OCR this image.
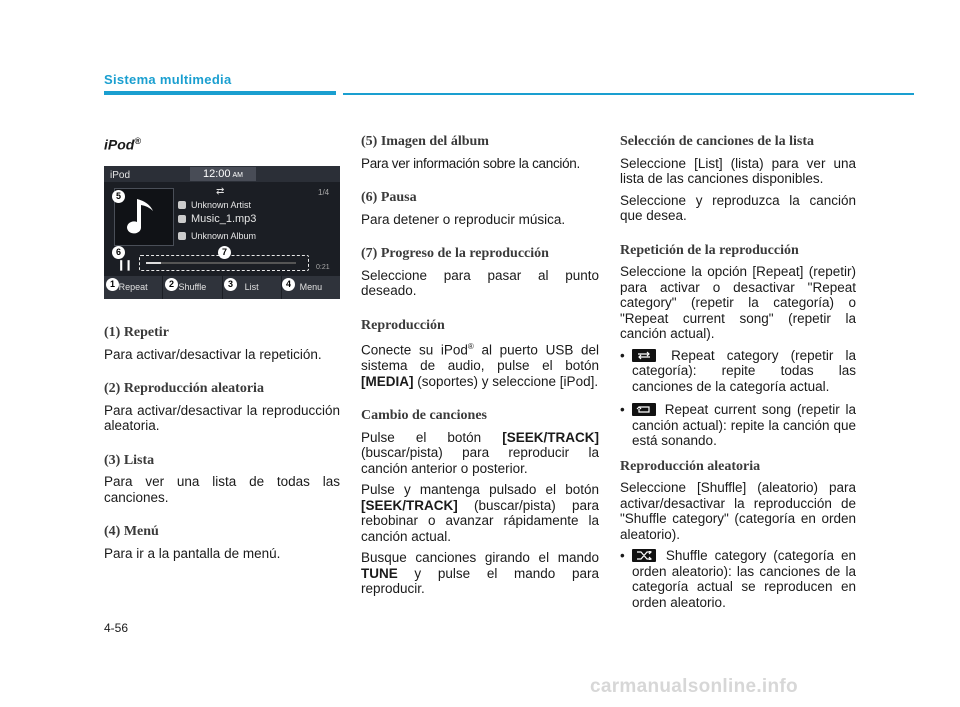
Sistema multimedia
iPod®
iPod	12:00 AM
⇄	1/4
Unknown Artist
Music_1.mp3
Unknown Album
❙❙	0:21
Repeat	Shuffle	List	Menu
1	2	3	4
5
6	7
(1) Repetir

Para activar/desactivar la repetición.

(2) Reproducción aleatoria

Para activar/desactivar la reproducción aleatoria.

(3) Lista

Para ver una lista de todas las canciones.

(4) Menú

Para ir a la pantalla de menú.

(5) Imagen del álbum

Para ver información sobre la canción.

(6) Pausa

Para detener o reproducir música.

(7) Progreso de la reproducción

Seleccione para pasar al punto deseado.

Reproducción

Conecte su iPod® al puerto USB del sistema de audio, pulse el botón [MEDIA] (soportes) y seleccione [iPod].

Cambio de canciones

Pulse el botón [SEEK/TRACK] (buscar/pista) para reproducir la canción anterior o posterior.

Pulse y mantenga pulsado el botón [SEEK/TRACK] (buscar/pista) para rebobinar o avanzar rápidamente la canción actual.

Busque canciones girando el mando TUNE y pulse el mando para reproducir.

Selección de canciones de la lista

Seleccione [List] (lista) para ver una lista de las canciones disponibles.

Seleccione y reproduzca la canción que desea.

Repetición de la reproducción

Seleccione la opción [Repeat] (repetir) para activar o desactivar "Repeat category" (repetir la categoría) o "Repeat current song" (repetir la canción actual).

• Repeat category (repetir la categoría): repite todas las canciones de la categoría actual.
• Repeat current song (repetir la canción actual): repite la canción que está sonando.
Reproducción aleatoria

Seleccione [Shuffle] (aleatorio) para activar/desactivar la reproducción de "Shuffle category" (categoría en orden aleatorio).

• Shuffle category (categoría en orden aleatorio): las canciones de la categoría actual se reproducen en orden aleatorio.
4-56
carmanualsonline.info
